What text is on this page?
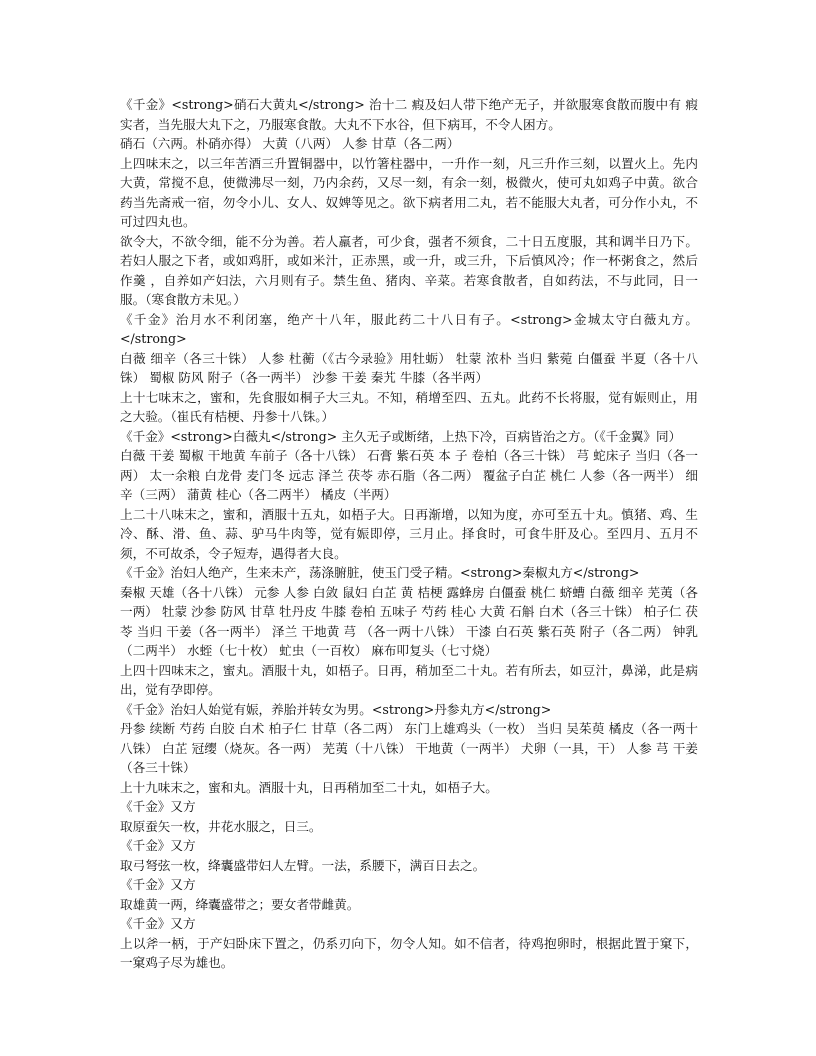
《千金》<strong>硝石大黄丸</strong> 治十二 瘕及妇人带下绝产无子，并欲服寒食散而腹中有 瘕实者，当先服大丸下之，乃服寒食散。大丸不下水谷，但下病耳，不令人困方。

硝石（六两。朴硝亦得） 大黄（八两） 人参 甘草（各二两）

上四味末之，以三年苦酒三升置铜器中，以竹箸柱器中，一升作一刻，凡三升作三刻，以置火上。先内大黄，常搅不息，使微沸尽一刻，乃内余药，又尽一刻，有余一刻，极微火，使可丸如鸡子中黄。欲合药当先斋戒一宿，勿令小儿、女人、奴婢等见之。欲下病者用二丸，若不能服大丸者，可分作小丸，不可过四丸也。

欲令大，不欲令细，能不分为善。若人羸者，可少食，强者不须食，二十日五度服，其和调半日乃下。若妇人服之下者，或如鸡肝，或如米汁，正赤黑，或一升，或三升，下后慎风冷；作一杯粥食之，然后作羹 ，自养如产妇法，六月则有子。禁生鱼、猪肉、辛菜。若寒食散者，自如药法，不与此同，日一服。（寒食散方未见。）

《千金》治月水不利闭塞，绝产十八年，服此药二十八日有子。<strong>金城太守白薇丸方。</strong>

白薇 细辛（各三十铢） 人参 杜蘅（《古今录验》用牡蛎） 牡蒙 浓朴 当归 紫菀 白僵蚕 半夏（各十八铢） 蜀椒 防风 附子（各一两半） 沙参 干姜 秦艽 牛膝（各半两）

上十七味末之，蜜和，先食服如桐子大三丸。不知，稍增至四、五丸。此药不长将服，觉有娠则止，用之大验。（崔氏有桔梗、丹参十八铢。）

《千金》<strong>白薇丸</strong> 主久无子或断绪，上热下冷，百病皆治之方。（《千金翼》同）

白薇 干姜 蜀椒 干地黄 车前子（各十八铢） 石膏 紫石英 本 子 卷柏（各三十铢） 芎 蛇床子 当归（各一两） 太一余粮 白龙骨 麦门冬 远志 泽兰 茯苓 赤石脂（各二两） 覆盆子白芷 桃仁 人参（各一两半） 细辛（三两） 蒲黄 桂心（各二两半） 橘皮（半两）

上二十八味末之，蜜和，酒服十五丸，如梧子大。日再渐增，以知为度，亦可至五十丸。慎猪、鸡、生冷、酥、滑、鱼、蒜、驴马牛肉等，觉有娠即停，三月止。择食时，可食牛肝及心。至四月、五月不须，不可故杀，令子短寿，遇得者大良。

《千金》治妇人绝产，生来未产，荡涤腑脏，使玉门受子精。<strong>秦椒丸方</strong>

秦椒 天雄（各十八铢） 元参 人参 白敛 鼠妇 白芷 黄 桔梗 露蜂房 白僵蚕 桃仁 蛴螬 白薇 细辛 芜荑（各一两） 牡蒙 沙参 防风 甘草 牡丹皮 牛膝 卷柏 五味子 芍药 桂心 大黄 石斛 白术（各三十铢） 柏子仁 茯苓 当归 干姜（各一两半） 泽兰 干地黄 芎 （各一两十八铢） 干漆 白石英 紫石英 附子（各二两） 钟乳（二两半） 水蛭（七十枚） 虻虫（一百枚） 麻布叩复头（七寸烧）

上四十四味末之，蜜丸。酒服十丸，如梧子。日再，稍加至二十丸。若有所去，如豆汁，鼻涕，此是病出，觉有孕即停。

《千金》治妇人始觉有娠，养胎并转女为男。<strong>丹参丸方</strong>

丹参 续断 芍药 白胶 白术 柏子仁 甘草（各二两） 东门上雄鸡头（一枚） 当归 吴茱萸 橘皮（各一两十八铢） 白芷 冠缨（烧灰。各一两） 芜荑（十八铢） 干地黄（一两半） 犬卵（一具，干） 人参 芎 干姜（各三十铢）

上十九味末之，蜜和丸。酒服十丸，日再稍加至二十丸，如梧子大。

《千金》又方

取原蚕矢一枚，井花水服之，日三。

《千金》又方

取弓弩弦一枚，绛囊盛带妇人左臂。一法，系腰下，满百日去之。

《千金》又方

取雄黄一两，绛囊盛带之；要女者带雌黄。

《千金》又方

上以斧一柄，于产妇卧床下置之，仍系刃向下，勿令人知。如不信者，待鸡抱卵时，根据此置于窠下，一窠鸡子尽为雄也。
